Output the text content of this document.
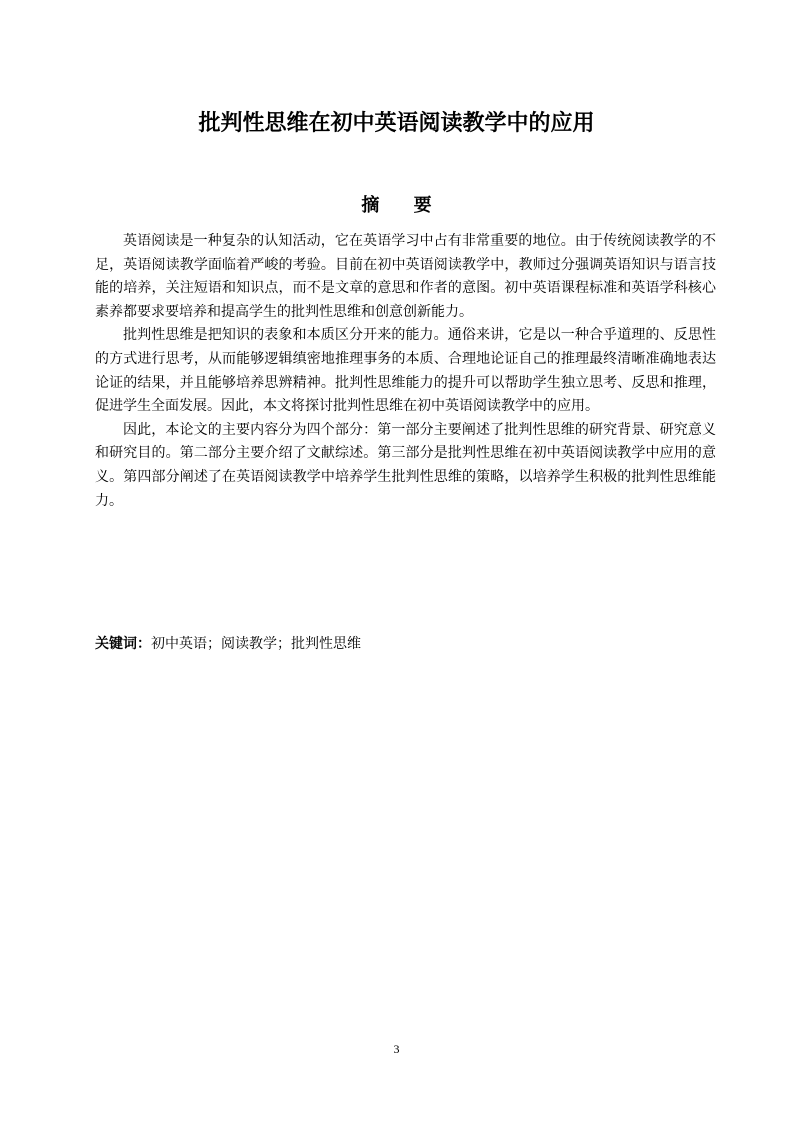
批判性思维在初中英语阅读教学中的应用
摘 要

英语阅读是一种复杂的认知活动，它在英语学习中占有非常重要的地位。由于传统阅读教学的不足，英语阅读教学面临着严峻的考验。目前在初中英语阅读教学中，教师过分强调英语知识与语言技能的培养，关注短语和知识点，而不是文章的意思和作者的意图。初中英语课程标准和英语学科核心素养都要求要培养和提高学生的批判性思维和创意创新能力。

批判性思维是把知识的表象和本质区分开来的能力。通俗来讲，它是以一种合乎道理的、反思性的方式进行思考，从而能够逻辑缜密地推理事务的本质、合理地论证自己的推理最终清晰准确地表达论证的结果，并且能够培养思辨精神。批判性思维能力的提升可以帮助学生独立思考、反思和推理，促进学生全面发展。因此，本文将探讨批判性思维在初中英语阅读教学中的应用。

因此，本论文的主要内容分为四个部分：第一部分主要阐述了批判性思维的研究背景、研究意义和研究目的。第二部分主要介绍了文献综述。第三部分是批判性思维在初中英语阅读教学中应用的意义。第四部分阐述了在英语阅读教学中培养学生批判性思维的策略，以培养学生积极的批判性思维能力。

关键词：初中英语；阅读教学；批判性思维

3
